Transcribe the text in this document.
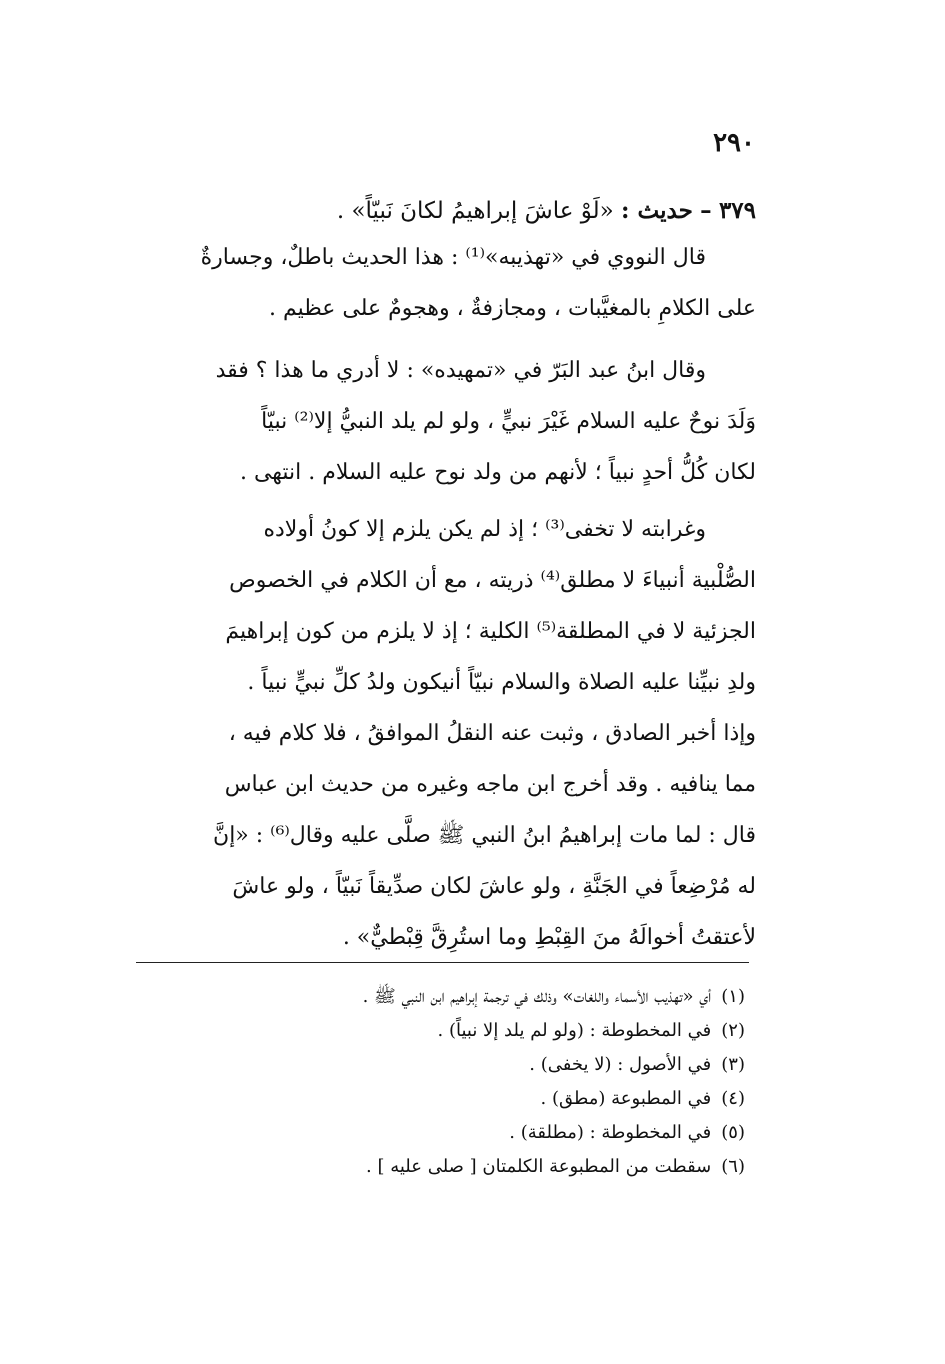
٢٩٠
٣٧٩ – حديث : «لَوْ عاشَ إبراهيمُ لكانَ نَبيّاً» .
قال النووي في «تهذيبه»⁽¹⁾ : هذا الحديث باطلٌ، وجسارةٌ
على الكلامِ بالمغيَّبات ، ومجازفةٌ ، وهجومٌ على عظيم .
وقال ابنُ عبد البَرّ في «تمهيده» : لا أدري ما هذا ؟ فقد
وَلَدَ نوحٌ عليه السلام غَيْرَ نبيٍّ ، ولو لم يلد النبيُّ إلا⁽²⁾ نبيّاً
لكان كُلُّ أحدٍ نبياً ؛ لأنهم من ولد نوح عليه السلام . انتهى .
وغرابته لا تخفى⁽³⁾ ؛ إذ لم يكن يلزم إلا كونُ أولاده
الصُّلْبية أنبياءَ لا مطلق⁽⁴⁾ ذريته ، مع أن الكلام في الخصوص
الجزئية لا في المطلقة⁽⁵⁾ الكلية ؛ إذ لا يلزم من كون إبراهيمَ
ولدِ نبيِّنا عليه الصلاة والسلام نبيّاً أنيكون ولدُ كلِّ نبيٍّ نبياً .
وإذا أخبر الصادق ، وثبت عنه النقلُ الموافقُ ، فلا كلام فيه ،
مما ينافيه . وقد أخرج ابن ماجه وغيره من حديث ابن عباس
قال : لما مات إبراهيمُ ابنُ النبي ﷺ صلَّى عليه وقال⁽⁶⁾ : «إنَّ
له مُرْضِعاً في الجَنَّةِ ، ولو عاشَ لكان صدِّيقاً نَبيّاً ، ولو عاشَ
لأعتقتُ أخوالَهُ منَ القِبْطِ وما استُرِقَّ قِبْطيٌّ» .
(١)أي «تهذيب الأسماء واللغات» وذلك في ترجمة إبراهيم ابن النبي ﷺ .
(٢)في المخطوطة : (ولو لم يلد إلا نبياً) .
(٣)في الأصول : (لا يخفى) .
(٤)في المطبوعة (مطق) .
(٥)في المخطوطة : (مطلقة) .
(٦)سقطت من المطبوعة الكلمتان [ صلى عليه ] .
